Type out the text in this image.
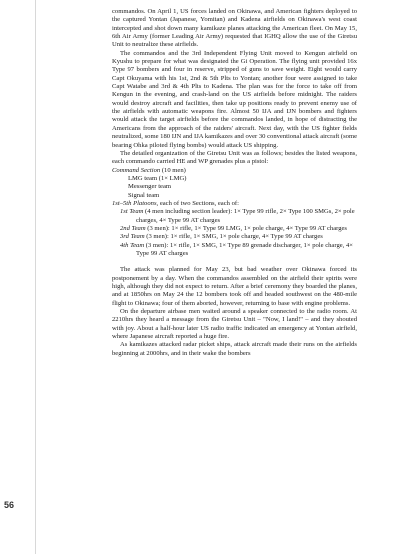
56

commandos. On April 1, US forces landed on Okinawa, and American fighters deployed to the captured Yontan (Japanese, Yomitan) and Kadena airfields on Okinawa's west coast intercepted and shot down many kamikaze planes attacking the American fleet. On May 15, 6th Air Army (former Leading Air Army) requested that IGHQ allow the use of the Giretsu Unit to neutralize these airfields.

The commandos and the 3rd Independent Flying Unit moved to Kengun airfield on Kyushu to prepare for what was designated the Gi Operation. The flying unit provided 16x Type 97 bombers and four in reserve, stripped of guns to save weight. Eight would carry Capt Okuyama with his 1st, 2nd & 5th Plts to Yontan; another four were assigned to take Capt Watabe and 3rd & 4th Plts to Kadena. The plan was for the force to take off from Kengun in the evening, and crash-land on the US airfields before midnight. The raiders would destroy aircraft and facilities, then take up positions ready to prevent enemy use of the airfields with automatic weapons fire. Almost 50 IJA and IJN bombers and fighters would attack the target airfields before the commandos landed, in hope of distracting the Americans from the approach of the raiders' aircraft. Next day, with the US fighter fields neutralized, some 180 IJN and IJA kamikazes and over 30 conventional attack aircraft (some bearing Ohka piloted flying bombs) would attack US shipping.

The detailed organization of the Giretsu Unit was as follows; besides the listed weapons, each commando carried HE and WP grenades plus a pistol:

Command Section (10 men)
LMG team (1× LMG)
Messenger team
Signal team
1st–5th Platoons, each of two Sections, each of:
1st Team (4 men including section leader): 1× Type 99 rifle, 2× Type 100 SMGs, 2× pole charges, 4× Type 99 AT charges
2nd Team (3 men): 1× rifle, 1× Type 99 LMG, 1× pole charge, 4× Type 99 AT charges
3rd Team (3 men): 1× rifle, 1× SMG, 1× pole charge, 4× Type 99 AT charges
4th Team (3 men): 1× rifle, 1× SMG, 1× Type 89 grenade discharger, 1× pole charge, 4× Type 99 AT charges

The attack was planned for May 23, but bad weather over Okinawa forced its postponement by a day. When the commandos assembled on the airfield their spirits were high, although they did not expect to return. After a brief ceremony they boarded the planes, and at 1850hrs on May 24 the 12 bombers took off and headed southwest on the 480-mile flight to Okinawa; four of them aborted, however, returning to base with engine problems.

On the departure airbase men waited around a speaker connected to the radio room. At 2210hrs they heard a message from the Giretsu Unit – "Now, I land!" – and they shouted with joy. About a half-hour later US radio traffic indicated an emergency at Yontan airfield, where Japanese aircraft reported a huge fire.

As kamikazes attacked radar picket ships, attack aircraft made their runs on the airfields beginning at 2000hrs, and in their wake the bombers
